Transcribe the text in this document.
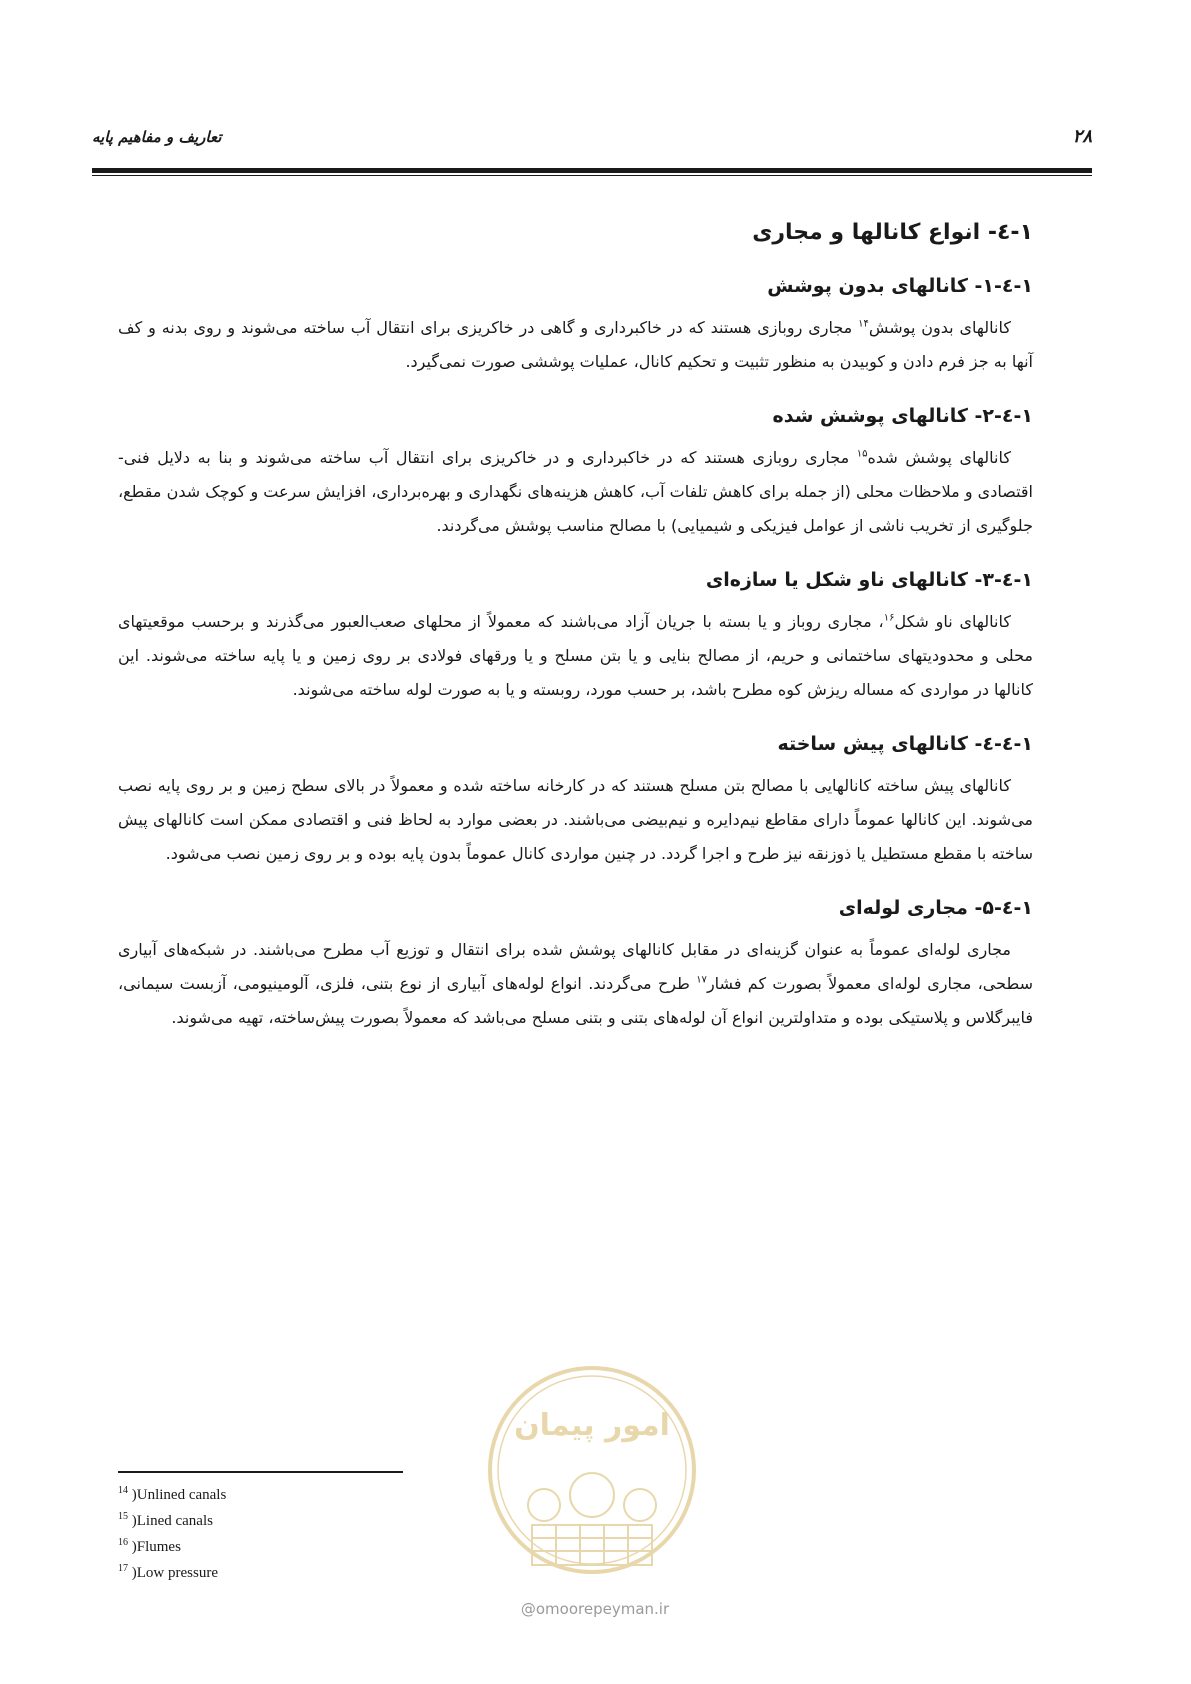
تعاریف و مفاهیم پایه	۲۸
۱-٤- انواع کانالها و مجاری
۱-٤-۱- کانالهای بدون پوشش

کانالهای بدون پوشش$^{۱۴}$ مجاری روبازی هستند که در خاکبرداری و گاهی در خاکریزی برای انتقال آب ساخته می‌شوند و روی بدنه و کف آنها به جز فرم دادن و کوبیدن به منظور تثبیت و تحکیم کانال، عملیات پوششی صورت نمی‌گیرد.

۱-٤-۲- کانالهای پوشش شده

کانالهای پوشش شده$^{۱۵}$ مجاری روبازی هستند که در خاکبرداری و در خاکریزی برای انتقال آب ساخته می‌شوند و بنا به دلایل فنی- اقتصادی و ملاحظات محلی (از جمله برای کاهش تلفات آب، کاهش هزینه‌های نگهداری و بهره‌برداری، افزایش سرعت و کوچک شدن مقطع، جلوگیری از تخریب ناشی از عوامل فیزیکی و شیمیایی) با مصالح مناسب پوشش می‌گردند.

۱-٤-۳- کانالهای ناو شکل یا سازه‌ای

کانالهای ناو شکل$^{۱۶}$، مجاری روباز و یا بسته با جریان آزاد می‌باشند که معمولاً از محلهای صعب‌العبور می‌گذرند و برحسب موقعیتهای محلی و محدودیتهای ساختمانی و حریم، از مصالح بنایی و یا بتن مسلح و یا ورقهای فولادی بر روی زمین و یا پایه ساخته می‌شوند. این کانالها در مواردی که مساله ریزش کوه مطرح باشد، بر حسب مورد، روبسته و یا به صورت لوله ساخته می‌شوند.

۱-٤-٤- کانالهای پیش ساخته

کانالهای پیش ساخته کانالهایی با مصالح بتن مسلح هستند که در کارخانه ساخته شده و معمولاً در بالای سطح زمین و بر روی پایه نصب می‌شوند. این کانالها عموماً دارای مقاطع نیم‌دایره و نیم‌بیضی می‌باشند. در بعضی موارد به لحاظ فنی و اقتصادی ممکن است کانالهای پیش ساخته با مقطع مستطیل یا ذوزنقه نیز طرح و اجرا گردد. در چنین مواردی کانال عموماً بدون پایه بوده و بر روی زمین نصب می‌شود.

۱-٤-۵- مجاری لوله‌ای

مجاری لوله‌ای عموماً به عنوان گزینه‌ای در مقابل کانالهای پوشش شده برای انتقال و توزیع آب مطرح می‌باشند. در شبکه‌های آبیاری سطحی، مجاری لوله‌ای معمولاً بصورت کم فشار$^{۱۷}$ طرح می‌گردند. انواع لوله‌های آبیاری از نوع بتنی، فلزی، آلومینیومی، آزبست سیمانی، فایبرگلاس و پلاستیکی بوده و متداولترین انواع آن لوله‌های بتنی و بتنی مسلح می‌باشد که معمولاً بصورت پیش‌ساخته، تهیه می‌شوند.

امور پیمان
@omoorepeyman.ir
$^{14}$ )Unlined canals
$^{15}$ )Lined canals
$^{16}$ )Flumes
$^{17}$ )Low pressure
